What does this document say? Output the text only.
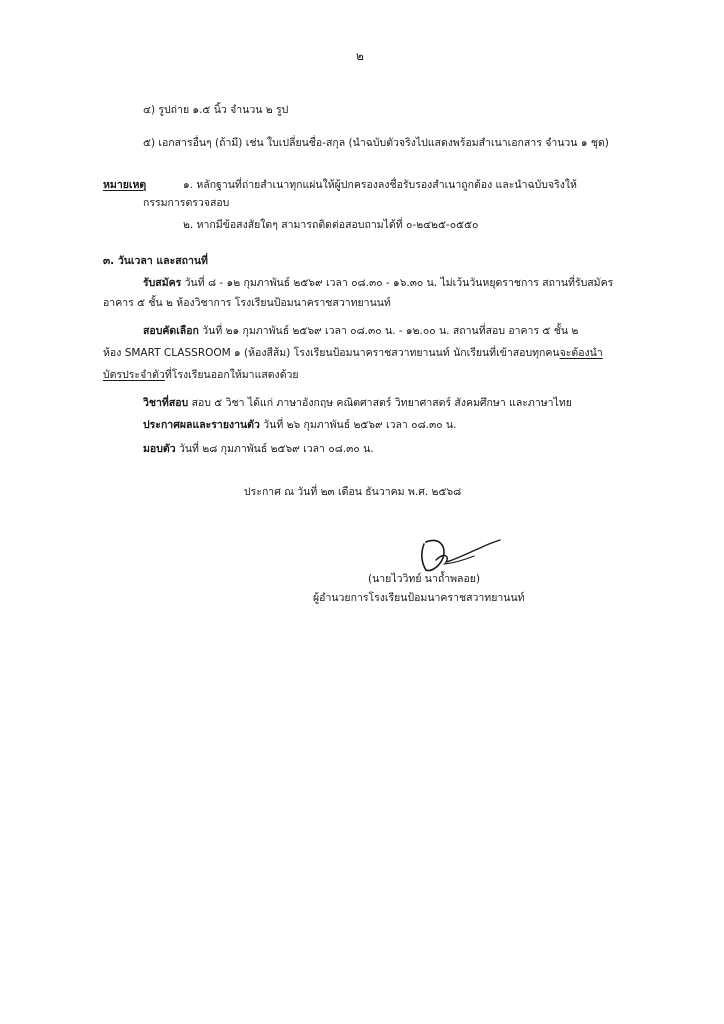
๒
๔) รูปถ่าย ๑.๕ นิ้ว จำนวน ๒ รูป
๕) เอกสารอื่นๆ (ถ้ามี) เช่น ใบเปลี่ยนชื่อ-สกุล (นำฉบับตัวจริงไปแสดงพร้อมสำเนาเอกสาร จำนวน ๑ ชุด)
หมายเหตุ	๑. หลักฐานที่ถ่ายสำเนาทุกแผ่นให้ผู้ปกครองลงชื่อรับรองสำเนาถูกต้อง และนำฉบับจริงให้
กรรมการตรวจสอบ
๒. หากมีข้อสงสัยใดๆ สามารถติดต่อสอบถามได้ที่ ๐-๒๔๒๕-๐๕๕๐
๓. วันเวลา และสถานที่
รับสมัคร วันที่ ๘ - ๑๒ กุมภาพันธ์ ๒๕๖๙ เวลา ๐๘.๓๐ - ๑๖.๓๐ น. ไม่เว้นวันหยุดราชการ สถานที่รับสมัคร
อาคาร ๕ ชั้น ๒ ห้องวิชาการ โรงเรียนป้อมนาคราชสวาทยานนท์
สอบคัดเลือก วันที่ ๒๑ กุมภาพันธ์ ๒๕๖๙ เวลา ๐๘.๓๐ น. - ๑๒.๐๐ น. สถานที่สอบ อาคาร ๕ ชั้น ๒
ห้อง SMART CLASSROOM ๑ (ห้องสีส้ม) โรงเรียนป้อมนาคราชสวาทยานนท์ นักเรียนที่เข้าสอบทุกคนจะต้องนำ
บัตรประจำตัวที่โรงเรียนออกให้มาแสดงด้วย
วิชาที่สอบ สอบ ๕ วิชา ได้แก่ ภาษาอังกฤษ คณิตศาสตร์ วิทยาศาสตร์ สังคมศึกษา และภาษาไทย
ประกาศผลและรายงานตัว วันที่ ๒๖ กุมภาพันธ์ ๒๕๖๙ เวลา ๐๘.๓๐ น.
มอบตัว วันที่ ๒๘ กุมภาพันธ์ ๒๕๖๙ เวลา ๐๘.๓๐ น.
ประกาศ ณ วันที่ ๒๓ เดือน ธันวาคม พ.ศ. ๒๕๖๘
(นายไววิทย์ นาถ้ำพลอย)
ผู้อำนวยการโรงเรียนป้อมนาคราชสวาทยานนท์
